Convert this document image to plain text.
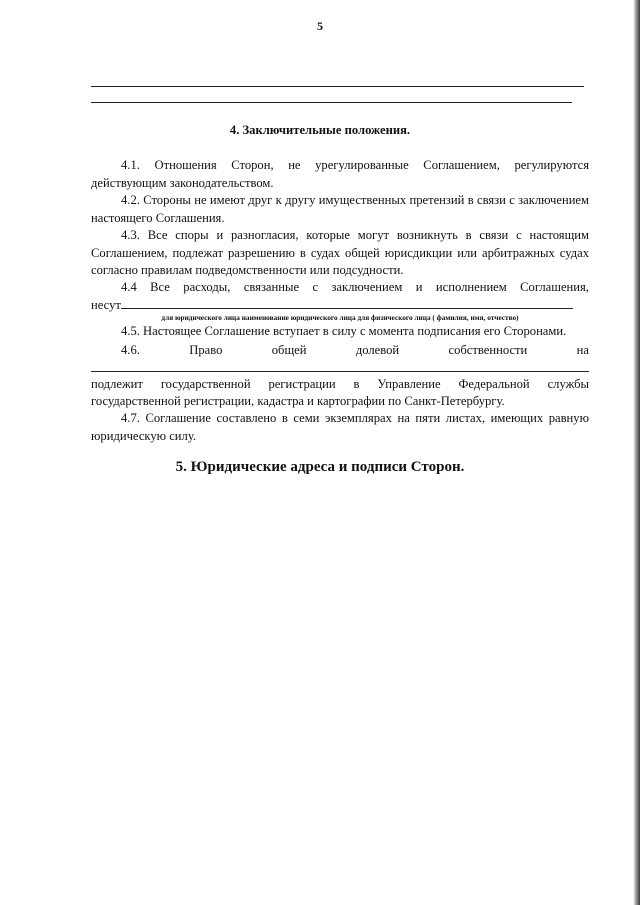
5
4. Заключительные положения.

4.1. Отношения Сторон, не урегулированные Соглашением, регулируются действующим законодательством.

4.2. Стороны не имеют друг к другу имущественных претензий в связи с заключением настоящего Соглашения.

4.3. Все споры и разногласия, которые могут возникнуть в связи с настоящим Соглашением, подлежат разрешению в судах общей юрисдикции или арбитражных судах согласно правилам подведомственности или подсудности.

4.4 Все расходы, связанные с заключением и исполнением Соглашения,
несут
для юридического лица наименование юридического лица для физического лица ( фамилия, имя, отчество)
4.5. Настоящее Соглашение вступает в силу с момента подписания его Сторонами.
4.6.	Право	общей	долевой	собственности	на
подлежит государственной регистрации в Управление Федеральной службы
государственной регистрации, кадастра и картографии по Санкт-Петербургу.

4.7. Соглашение составлено в семи экземплярах на пяти листах, имеющих равную юридическую силу.

5. Юридические адреса и подписи Сторон.
